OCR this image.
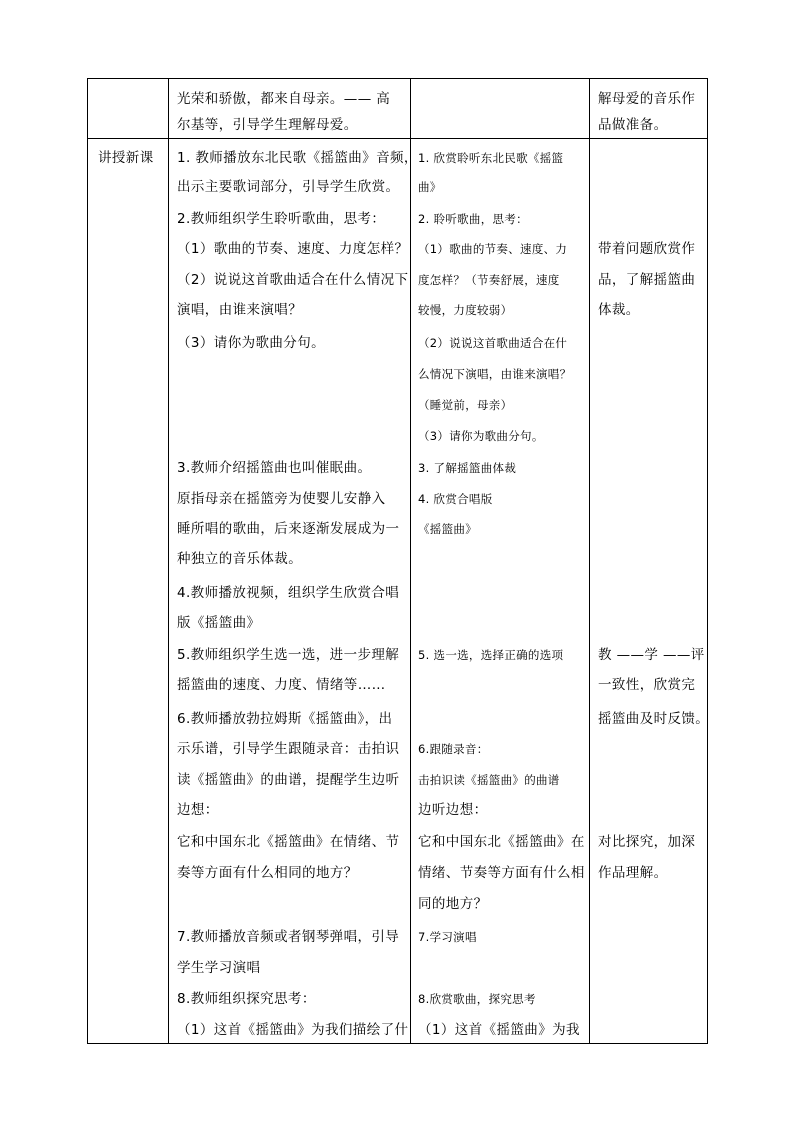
光荣和骄傲，都来自母亲。—— 高
尔基等，引导学生理解母爱。
解母爱的音乐作
品做准备。
讲授新课 1. 教师播放东北民歌《摇篮曲》音频，
出示主要歌词部分，引导学生欣赏。
2.教师组织学生聆听歌曲，思考：
（1）歌曲的节奏、速度、力度怎样？
（2）说说这首歌曲适合在什么情况下
演唱，由谁来演唱？
（3）请你为歌曲分句。
3.教师介绍摇篮曲也叫催眠曲。
原指母亲在摇篮旁为使婴儿安静入
睡所唱的歌曲，后来逐渐发展成为一
种独立的音乐体裁。
4.教师播放视频，组织学生欣赏合唱
版《摇篮曲》
5.教师组织学生选一选，进一步理解
摇篮曲的速度、力度、情绪等……
6.教师播放勃拉姆斯《摇篮曲》，出
示乐谱，引导学生跟随录音：击拍识
读《摇篮曲》的曲谱，提醒学生边听
边想：
它和中国东北《摇篮曲》在情绪、节
奏等方面有什么相同的地方？
7.教师播放音频或者钢琴弹唱，引导
学生学习演唱
8.教师组织探究思考：
（1）这首《摇篮曲》为我们描绘了什
1. 欣赏聆听东北民歌《摇篮
曲》
2. 聆听歌曲，思考：
（1）歌曲的节奏、速度、力
度怎样？（节奏舒展，速度
较慢，力度较弱）
（2）说说这首歌曲适合在什
么情况下演唱，由谁来演唱？
（睡觉前，母亲）
（3）请你为歌曲分句。
3. 了解摇篮曲体裁
4. 欣赏合唱版
《摇篮曲》
5. 选一选，选择正确的选项
6.跟随录音：
击拍识读《摇篮曲》的曲谱
边听边想：
它和中国东北《摇篮曲》在
情绪、节奏等方面有什么相
同的地方？
7.学习演唱
8.欣赏歌曲，探究思考
（1）这首《摇篮曲》为我
带着问题欣赏作
品，了解摇篮曲
体裁。
教 ——学 ——评
一致性，欣赏完
摇篮曲及时反馈。
对比探究，加深
作品理解。
